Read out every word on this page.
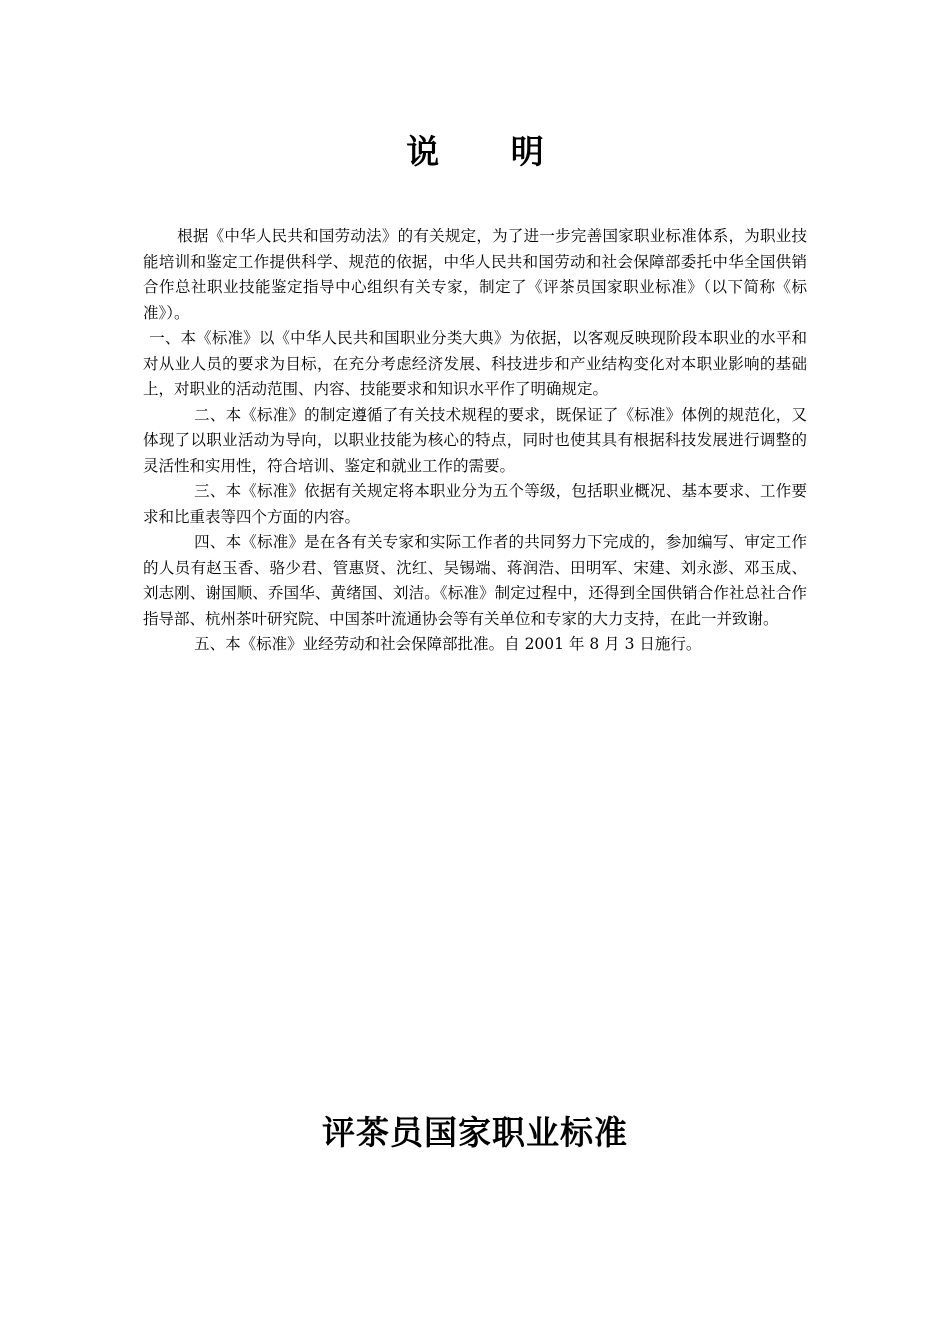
说 明

根据《中华人民共和国劳动法》的有关规定，为了进一步完善国家职业标准体系，为职业技能培训和鉴定工作提供科学、规范的依据，中华人民共和国劳动和社会保障部委托中华全国供销合作总社职业技能鉴定指导中心组织有关专家，制定了《评茶员国家职业标准》（以下简称《标准》）。

一、本《标准》以《中华人民共和国职业分类大典》为依据，以客观反映现阶段本职业的水平和对从业人员的要求为目标，在充分考虑经济发展、科技进步和产业结构变化对本职业影响的基础上，对职业的活动范围、内容、技能要求和知识水平作了明确规定。

二、本《标准》的制定遵循了有关技术规程的要求，既保证了《标准》体例的规范化，又体现了以职业活动为导向，以职业技能为核心的特点，同时也使其具有根据科技发展进行调整的灵活性和实用性，符合培训、鉴定和就业工作的需要。

三、本《标准》依据有关规定将本职业分为五个等级，包括职业概况、基本要求、工作要求和比重表等四个方面的内容。

四、本《标准》是在各有关专家和实际工作者的共同努力下完成的，参加编写、审定工作的人员有赵玉香、骆少君、管惠贤、沈红、吴锡端、蒋润浩、田明军、宋建、刘永澎、邓玉成、刘志刚、谢国顺、乔国华、黄绪国、刘洁。《标准》制定过程中，还得到全国供销合作社总社合作指导部、杭州茶叶研究院、中国茶叶流通协会等有关单位和专家的大力支持，在此一并致谢。

五、本《标准》业经劳动和社会保障部批准。自 2001 年 8 月 3 日施行。

评茶员国家职业标准
